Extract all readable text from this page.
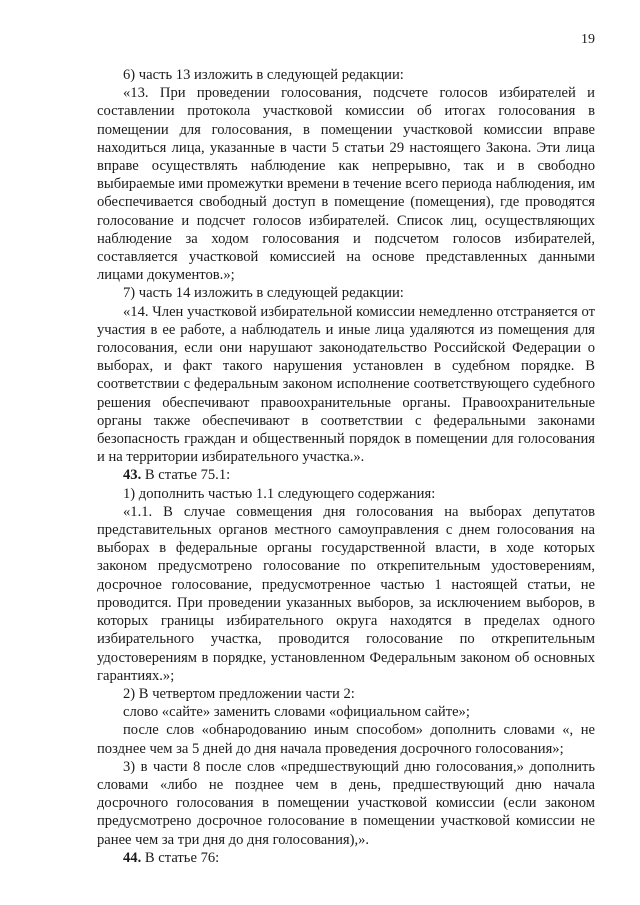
19

6) часть 13 изложить в следующей редакции:

«13. При проведении голосования, подсчете голосов избирателей и составлении протокола участковой комиссии об итогах голосования в помещении для голосования, в помещении участковой комиссии вправе находиться лица, указанные в части 5 статьи 29 настоящего Закона. Эти лица вправе осуществлять наблюдение как непрерывно, так и в свободно выбираемые ими промежутки времени в течение всего периода наблюдения, им обеспечивается свободный доступ в помещение (помещения), где проводятся голосование и подсчет голосов избирателей. Список лиц, осуществляющих наблюдение за ходом голосования и подсчетом голосов избирателей, составляется участковой комиссией на основе представленных данными лицами документов.»;

7) часть 14 изложить в следующей редакции:

«14. Член участковой избирательной комиссии немедленно отстраняется от участия в ее работе, а наблюдатель и иные лица удаляются из помещения для голосования, если они нарушают законодательство Российской Федерации о выборах, и факт такого нарушения установлен в судебном порядке. В соответствии с федеральным законом исполнение соответствующего судебного решения обеспечивают правоохранительные органы. Правоохранительные органы также обеспечивают в соответствии с федеральными законами безопасность граждан и общественный порядок в помещении для голосования и на территории избирательного участка.».

43. В статье 75.1:

1) дополнить частью 1.1 следующего содержания:

«1.1. В случае совмещения дня голосования на выборах депутатов представительных органов местного самоуправления с днем голосования на выборах в федеральные органы государственной власти, в ходе которых законом предусмотрено голосование по открепительным удостоверениям, досрочное голосование, предусмотренное частью 1 настоящей статьи, не проводится. При проведении указанных выборов, за исключением выборов, в которых границы избирательного округа находятся в пределах одного избирательного участка, проводится голосование по открепительным удостоверениям в порядке, установленном Федеральным законом об основных гарантиях.»;

2) В четвертом предложении части 2:

слово «сайте» заменить словами «официальном сайте»;

после слов «обнародованию иным способом» дополнить словами «, не позднее чем за 5 дней до дня начала проведения досрочного голосования»;

3) в части 8 после слов «предшествующий дню голосования,» дополнить словами «либо не позднее чем в день, предшествующий дню начала досрочного голосования в помещении участковой комиссии (если законом предусмотрено досрочное голосование в помещении участковой комиссии не ранее чем за три дня до дня голосования),».

44. В статье 76:
